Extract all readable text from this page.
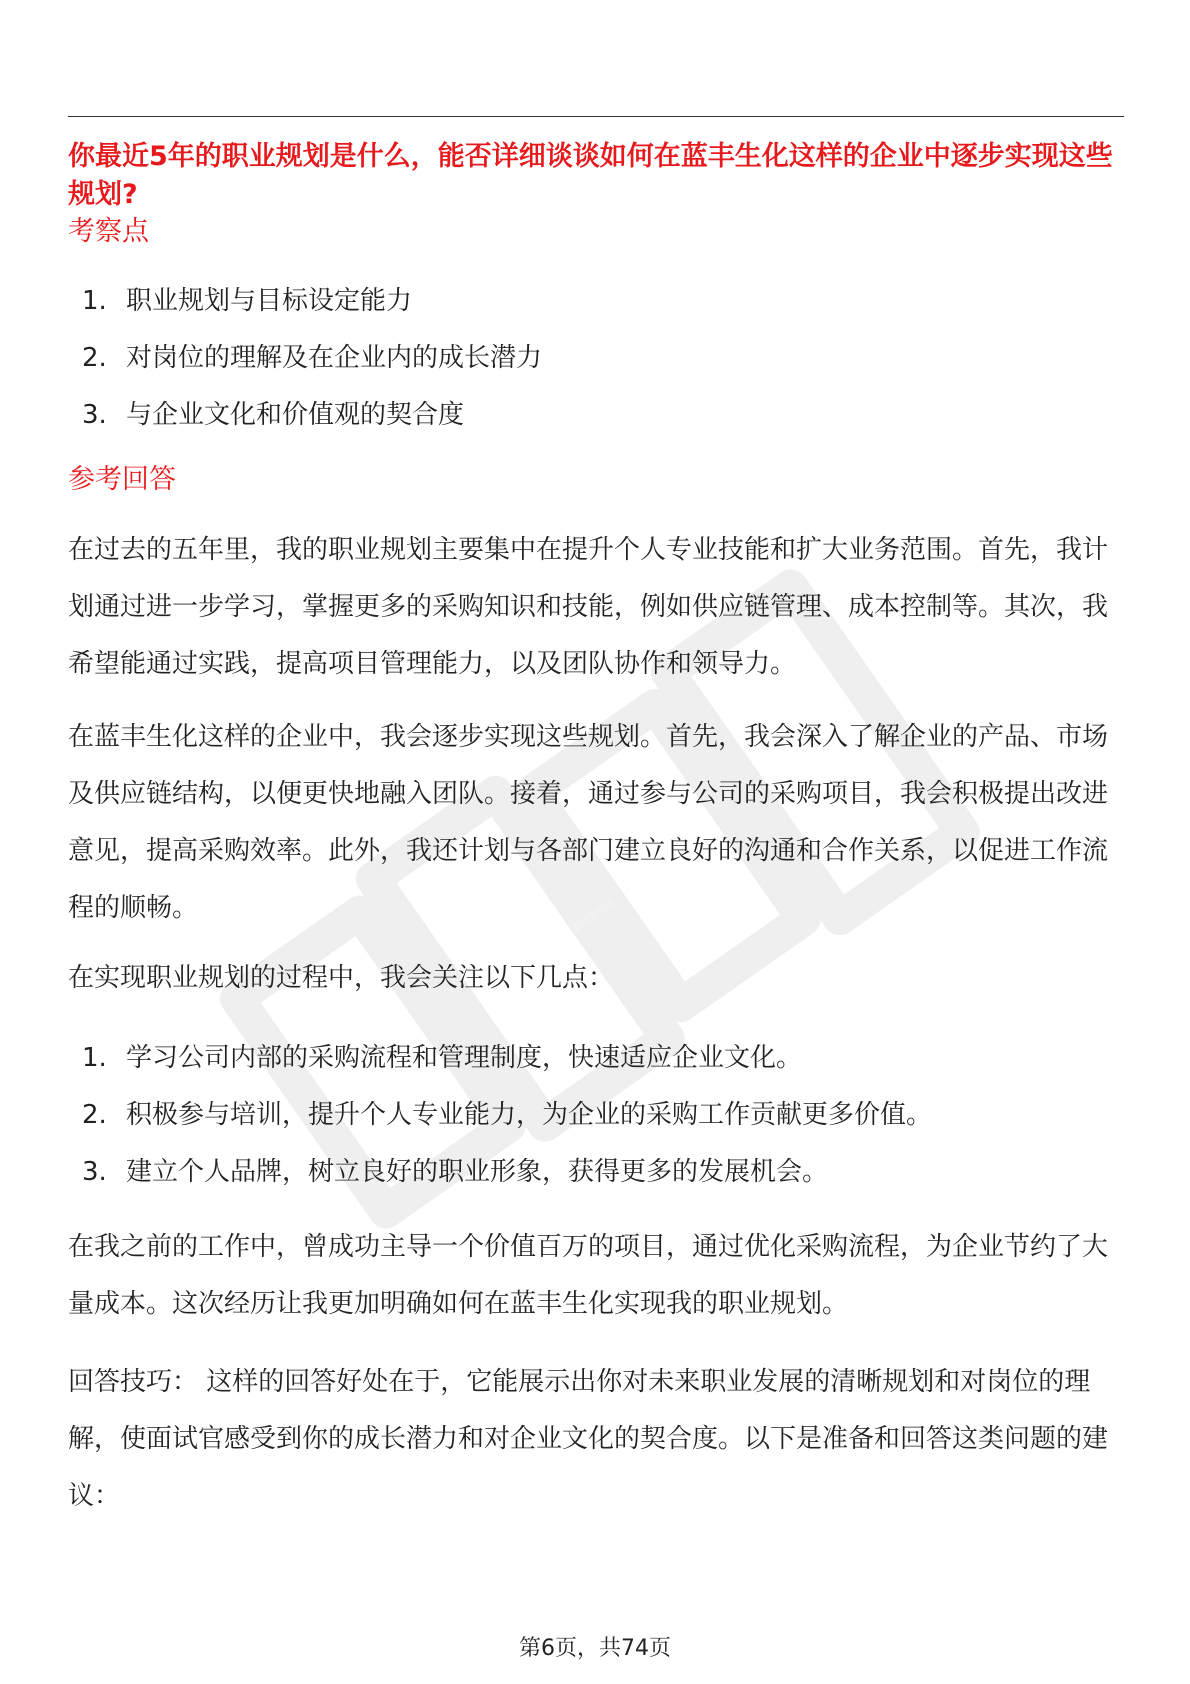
职场资料库
你最近5年的职业规划是什么，能否详细谈谈如何在蓝丰生化这样的企业中逐步实现这些规划?
考察点
1. 职业规划与目标设定能力
2. 对岗位的理解及在企业内的成长潜力
3. 与企业文化和价值观的契合度
参考回答

在过去的五年里，我的职业规划主要集中在提升个人专业技能和扩大业务范围。首先，我计划通过进一步学习，掌握更多的采购知识和技能，例如供应链管理、成本控制等。其次，我希望能通过实践，提高项目管理能力，以及团队协作和领导力。

在蓝丰生化这样的企业中，我会逐步实现这些规划。首先，我会深入了解企业的产品、市场及供应链结构，以便更快地融入团队。接着，通过参与公司的采购项目，我会积极提出改进意见，提高采购效率。此外，我还计划与各部门建立良好的沟通和合作关系，以促进工作流程的顺畅。

在实现职业规划的过程中，我会关注以下几点：

1. 学习公司内部的采购流程和管理制度，快速适应企业文化。
2. 积极参与培训，提升个人专业能力，为企业的采购工作贡献更多价值。
3. 建立个人品牌，树立良好的职业形象，获得更多的发展机会。

在我之前的工作中，曾成功主导一个价值百万的项目，通过优化采购流程，为企业节约了大量成本。这次经历让我更加明确如何在蓝丰生化实现我的职业规划。

回答技巧： 这样的回答好处在于，它能展示出你对未来职业发展的清晰规划和对岗位的理解，使面试官感受到你的成长潜力和对企业文化的契合度。以下是准备和回答这类问题的建议：

第6页，共74页
